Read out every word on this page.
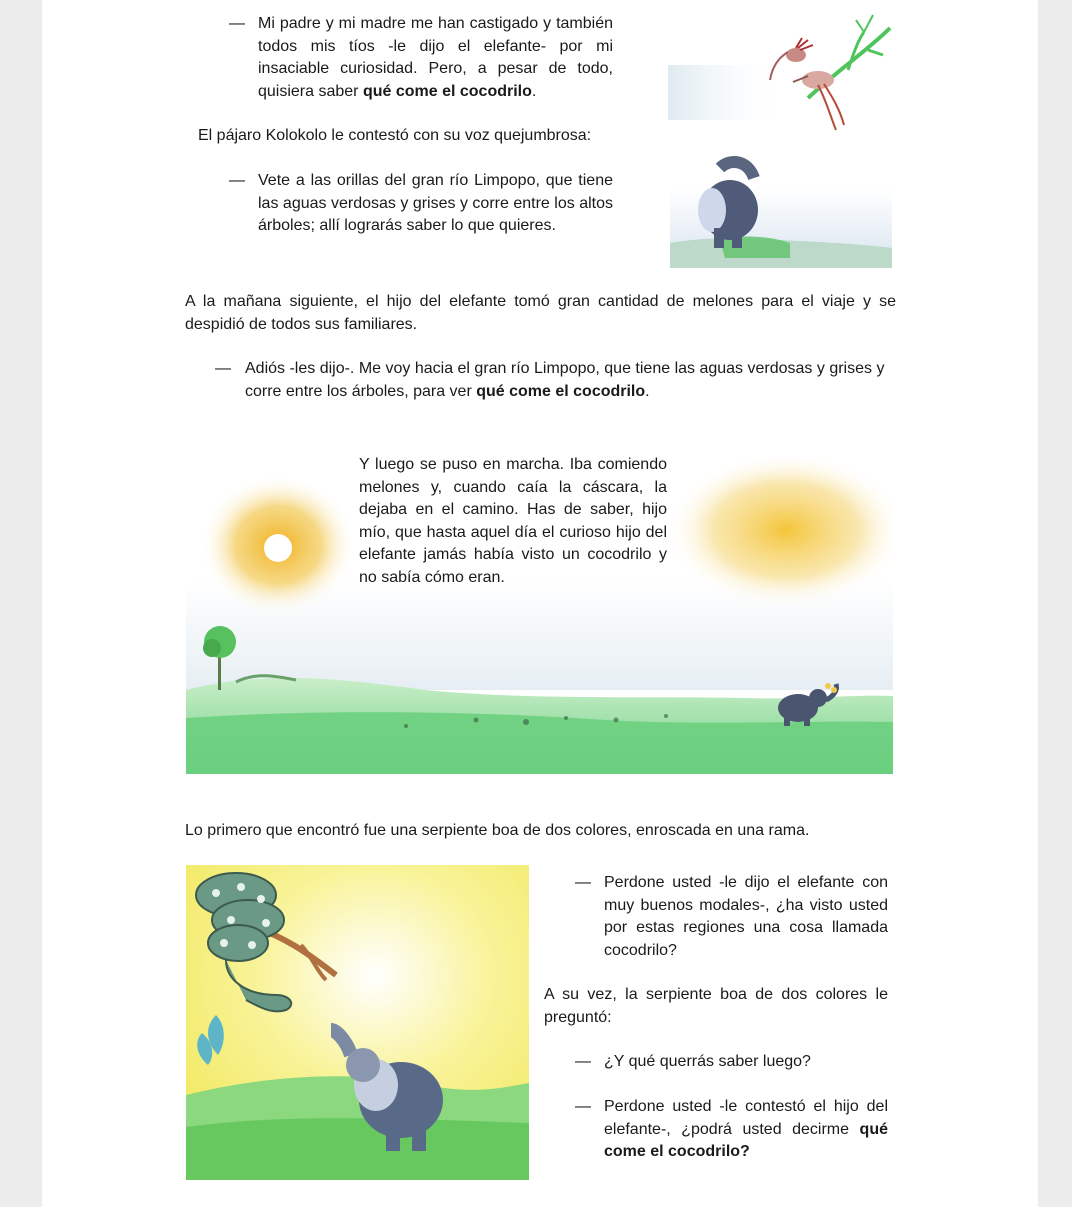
— Mi padre y mi madre me han castigado y también todos mis tíos -le dijo el elefante- por mi insaciable curiosidad. Pero, a pesar de todo, quisiera saber qué come el cocodrilo.
El pájaro Kolokolo le contestó con su voz quejumbrosa:
— Vete a las orillas del gran río Limpopo, que tiene las aguas verdosas y grises y corre entre los altos árboles; allí lograrás saber lo que quieres.
A la mañana siguiente, el hijo del elefante tomó gran cantidad de melones para el viaje y se despidió de todos sus familiares.
— Adiós -les dijo-. Me voy hacia el gran río Limpopo, que tiene las aguas verdosas y grises y corre entre los árboles, para ver qué come el cocodrilo.
Y luego se puso en marcha. Iba comiendo melones y, cuando caía la cáscara, la dejaba en el camino. Has de saber, hijo mío, que hasta aquel día el curioso hijo del elefante jamás había visto un cocodrilo y no sabía cómo eran.
Lo primero que encontró fue una serpiente boa de dos colores, enroscada en una rama.
— Perdone usted -le dijo el elefante con muy buenos modales-, ¿ha visto usted por estas regiones una cosa llamada cocodrilo?
A su vez, la serpiente boa de dos colores le preguntó:
— ¿Y qué querrás saber luego?
— Perdone usted -le contestó el hijo del elefante-, ¿podrá usted decirme qué come el cocodrilo?
